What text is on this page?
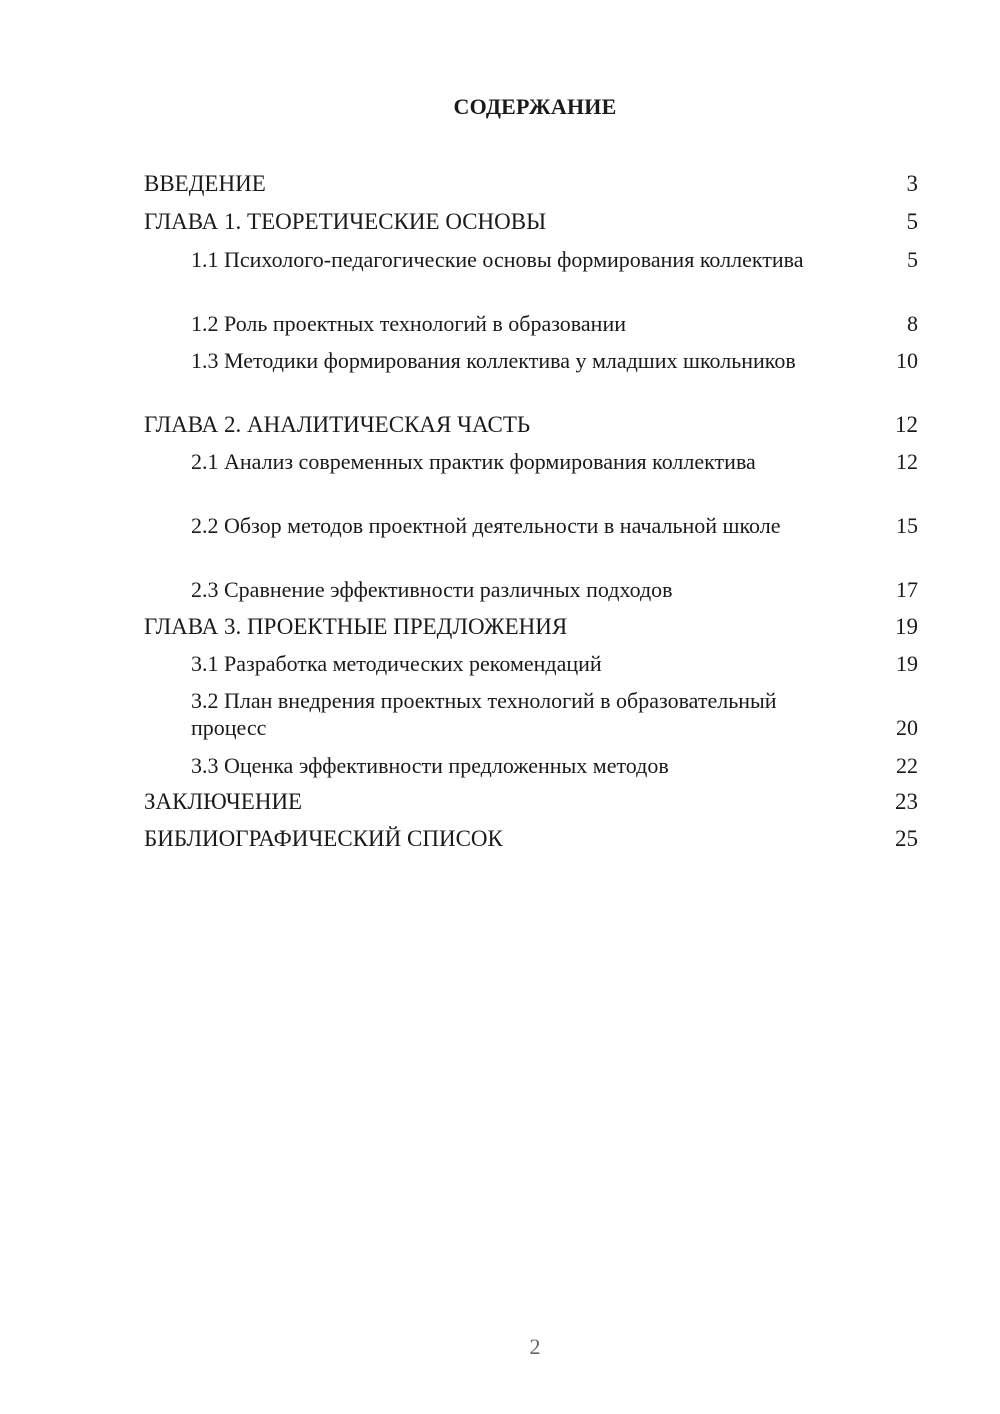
СОДЕРЖАНИЕ
ВВЕДЕНИЕ	3
ГЛАВА 1. ТЕОРЕТИЧЕСКИЕ ОСНОВЫ	5
1.1 Психолого-педагогические основы формирования коллектива	5
1.2 Роль проектных технологий в образовании	8
1.3 Методики формирования коллектива у младших школьников	10
ГЛАВА 2. АНАЛИТИЧЕСКАЯ ЧАСТЬ	12
2.1 Анализ современных практик формирования коллектива	12
2.2 Обзор методов проектной деятельности в начальной школе	15
2.3 Сравнение эффективности различных подходов	17
ГЛАВА 3. ПРОЕКТНЫЕ ПРЕДЛОЖЕНИЯ	19
3.1 Разработка методических рекомендаций	19
3.2 План внедрения проектных технологий в образовательный процесс	20
3.3 Оценка эффективности предложенных методов	22
ЗАКЛЮЧЕНИЕ	23
БИБЛИОГРАФИЧЕСКИЙ СПИСОК	25
2
